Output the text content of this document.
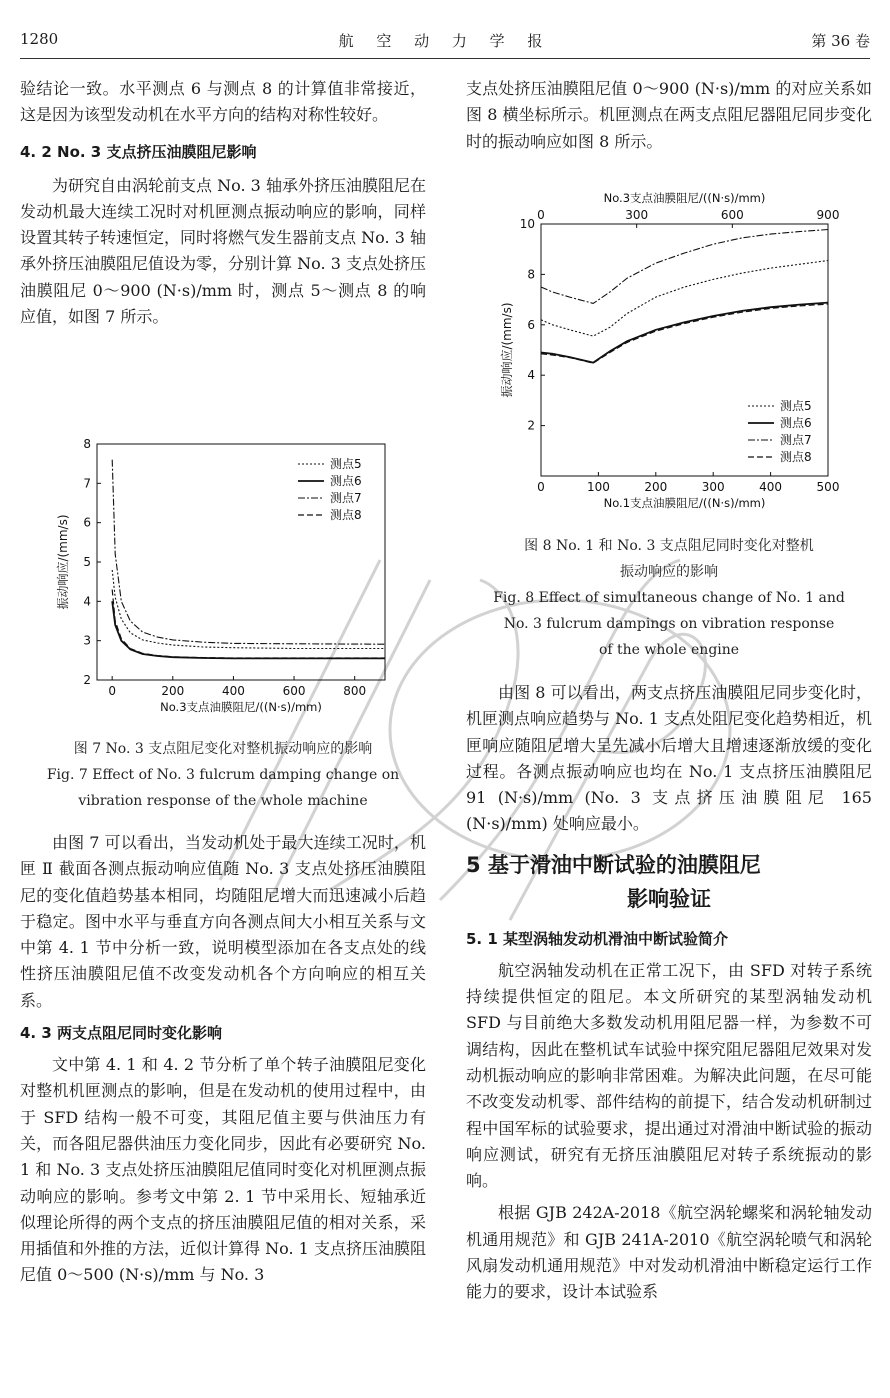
1280	航 空 动 力 学 报	第 36 卷

验结论一致。水平测点 6 与测点 8 的计算值非常接近，这是因为该型发动机在水平方向的结构对称性较好。

4. 2 No. 3 支点挤压油膜阻尼影响

为研究自由涡轮前支点 No. 3 轴承外挤压油膜阻尼在发动机最大连续工况时对机匣测点振动响应的影响，同样设置其转子转速恒定，同时将燃气发生器前支点 No. 3 轴承外挤压油膜阻尼值设为零，分别计算 No. 3 支点处挤压油膜阻尼 0～900 (N·s)/mm 时，测点 5～测点 8 的响应值，如图 7 所示。

0	200	400	600	800
2
3
4
5
6
7
8
No.3支点油膜阻尼/((N·s)/mm)
振动响应/(mm/s)
测点5
测点6
测点7
测点8
图 7 No. 3 支点阻尼变化对整机振动响应的影响
Fig. 7 Effect of No. 3 fulcrum damping change on
vibration response of the whole machine

由图 7 可以看出，当发动机处于最大连续工况时，机匣 Ⅱ 截面各测点振动响应值随 No. 3 支点处挤压油膜阻尼的变化值趋势基本相同，均随阻尼增大而迅速减小后趋于稳定。图中水平与垂直方向各测点间大小相互关系与文中第 4. 1 节中分析一致，说明模型添加在各支点处的线性挤压油膜阻尼值不改变发动机各个方向响应的相互关系。

4. 3 两支点阻尼同时变化影响

文中第 4. 1 和 4. 2 节分析了单个转子油膜阻尼变化对整机机匣测点的影响，但是在发动机的使用过程中，由于 SFD 结构一般不可变，其阻尼值主要与供油压力有关，而各阻尼器供油压力变化同步，因此有必要研究 No. 1 和 No. 3 支点处挤压油膜阻尼值同时变化对机匣测点振动响应的影响。参考文中第 2. 1 节中采用长、短轴承近似理论所得的两个支点的挤压油膜阻尼值的相对关系，采用插值和外推的方法，近似计算得 No. 1 支点挤压油膜阻尼值 0～500 (N·s)/mm 与 No. 3

支点处挤压油膜阻尼值 0～900 (N·s)/mm 的对应关系如图 8 横坐标所示。机匣测点在两支点阻尼器阻尼同步变化时的振动响应如图 8 所示。

0	100	200	300	400	500
2
4
6
8
10
0	300	600	900
No.3支点油膜阻尼/((N·s)/mm)
No.1支点油膜阻尼/((N·s)/mm)
振动响应/(mm/s)
测点5
测点6
测点7
测点8
图 8 No. 1 和 No. 3 支点阻尼同时变化对整机
振动响应的影响
Fig. 8 Effect of simultaneous change of No. 1 and
No. 3 fulcrum dampings on vibration response
of the whole engine

由图 8 可以看出，两支点挤压油膜阻尼同步变化时，机匣测点响应趋势与 No. 1 支点处阻尼变化趋势相近，机匣响应随阻尼增大呈先减小后增大且增速逐渐放缓的变化过程。各测点振动响应也均在 No. 1 支点挤压油膜阻尼 91 (N·s)/mm (No. 3 支点挤压油膜阻尼 165 (N·s)/mm) 处响应最小。

5 基于滑油中断试验的油膜阻尼

影响验证

5. 1 某型涡轴发动机滑油中断试验简介

航空涡轴发动机在正常工况下，由 SFD 对转子系统持续提供恒定的阻尼。本文所研究的某型涡轴发动机 SFD 与目前绝大多数发动机用阻尼器一样，为参数不可调结构，因此在整机试车试验中探究阻尼器阻尼效果对发动机振动响应的影响非常困难。为解决此问题，在尽可能不改变发动机零、部件结构的前提下，结合发动机研制过程中国军标的试验要求，提出通过对滑油中断试验的振动响应测试，研究有无挤压油膜阻尼对转子系统振动的影响。

根据 GJB 242A-2018《航空涡轮螺桨和涡轮轴发动机通用规范》和 GJB 241A-2010《航空涡轮喷气和涡轮风扇发动机通用规范》中对发动机滑油中断稳定运行工作能力的要求，设计本试验系
